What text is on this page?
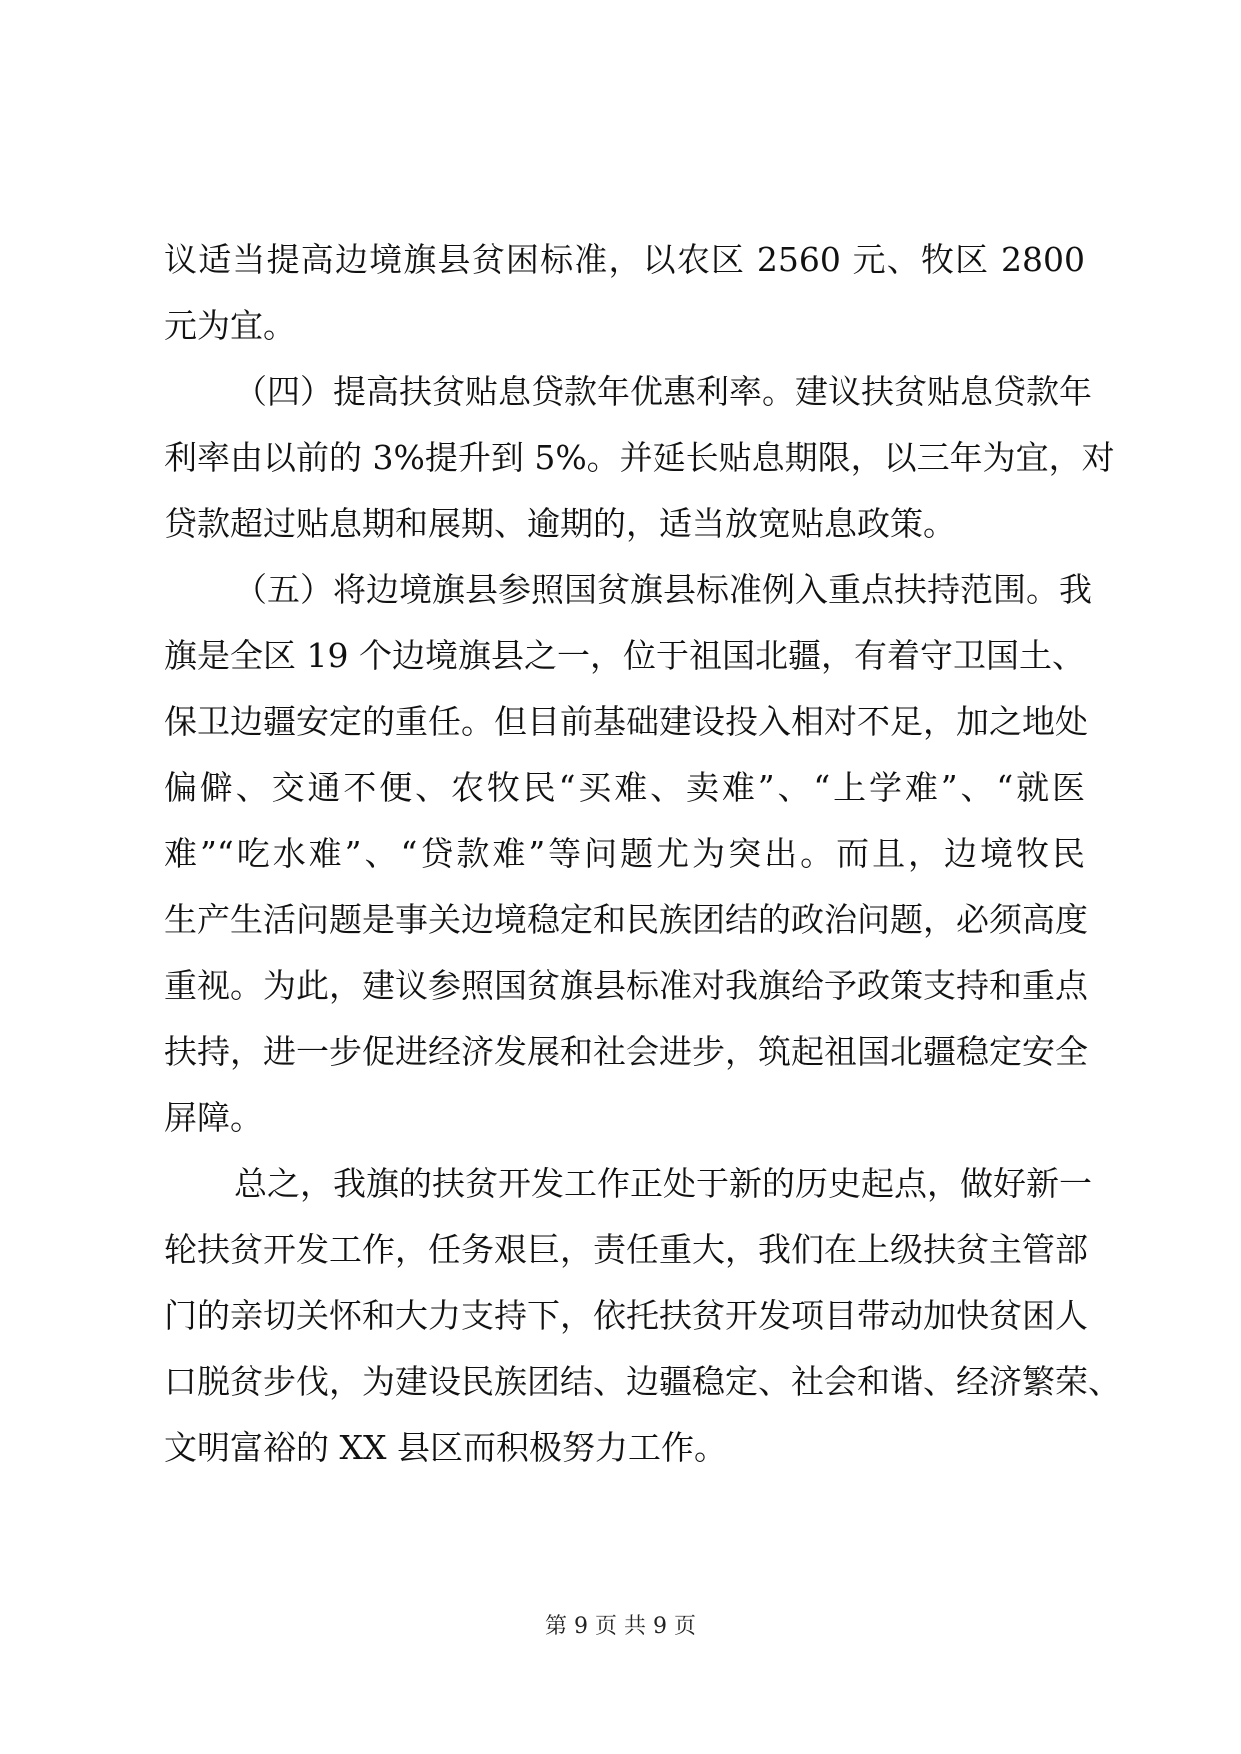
议适当提高边境旗县贫困标准，以农区 2560 元、牧区 2800
元为宜。
（四）提高扶贫贴息贷款年优惠利率。建议扶贫贴息贷款年
利率由以前的 3%提升到 5%。并延长贴息期限，以三年为宜，对
贷款超过贴息期和展期、逾期的，适当放宽贴息政策。
（五）将边境旗县参照国贫旗县标准例入重点扶持范围。我
旗是全区 19 个边境旗县之一，位于祖国北疆，有着守卫国土、
保卫边疆安定的重任。但目前基础建设投入相对不足，加之地处
偏僻、交通不便、农牧民“买难、卖难”、“上学难”、“就医
难”“吃水难”、“贷款难”等问题尤为突出。而且，边境牧民
生产生活问题是事关边境稳定和民族团结的政治问题，必须高度
重视。为此，建议参照国贫旗县标准对我旗给予政策支持和重点
扶持，进一步促进经济发展和社会进步，筑起祖国北疆稳定安全
屏障。
总之，我旗的扶贫开发工作正处于新的历史起点，做好新一
轮扶贫开发工作，任务艰巨，责任重大，我们在上级扶贫主管部
门的亲切关怀和大力支持下，依托扶贫开发项目带动加快贫困人
口脱贫步伐，为建设民族团结、边疆稳定、社会和谐、经济繁荣、
文明富裕的 XX 县区而积极努力工作。
第 9 页 共 9 页
